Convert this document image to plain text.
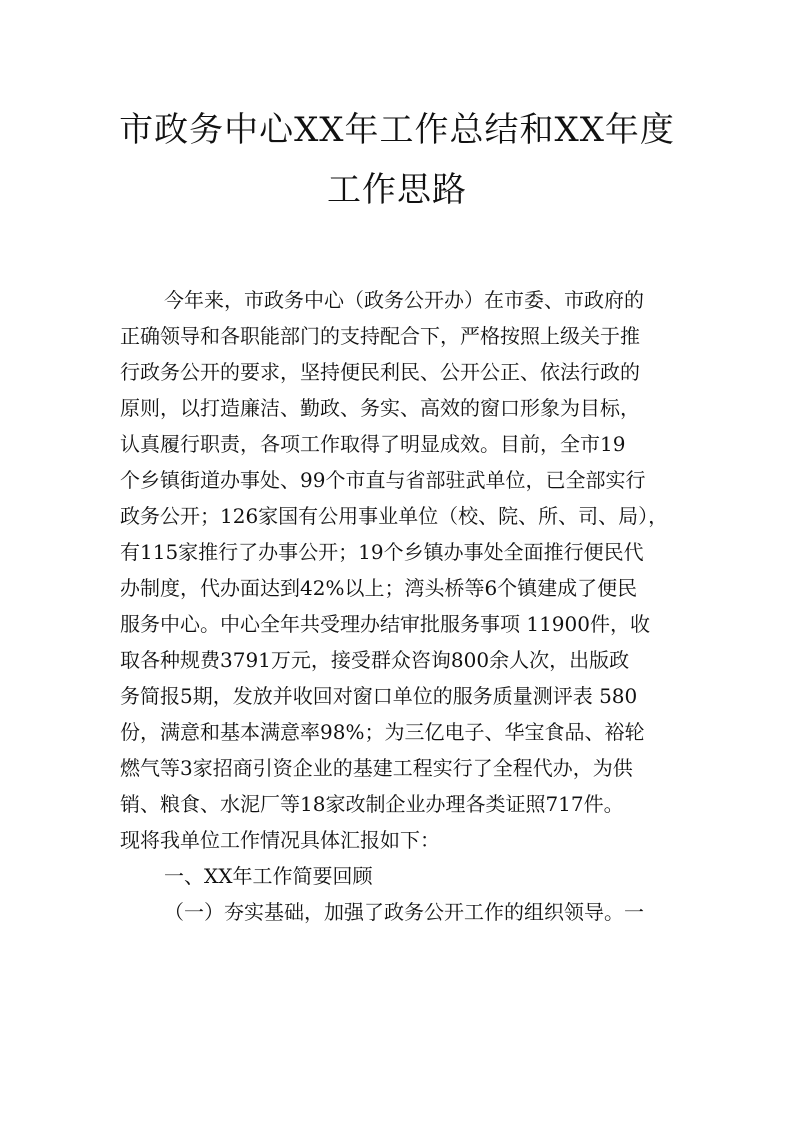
市政务中心XX年工作总结和XX年度
工作思路
今年来，市政务中心（政务公开办）在市委、市政府的
正确领导和各职能部门的支持配合下，严格按照上级关于推
行政务公开的要求，坚持便民利民、公开公正、依法行政的
原则，以打造廉洁、勤政、务实、高效的窗口形象为目标，
认真履行职责，各项工作取得了明显成效。目前，全市19
个乡镇街道办事处、99个市直与省部驻武单位，已全部实行
政务公开；126家国有公用事业单位（校、院、所、司、局），
有115家推行了办事公开；19个乡镇办事处全面推行便民代
办制度，代办面达到42%以上；湾头桥等6个镇建成了便民
服务中心。中心全年共受理办结审批服务事项 11900件，收
取各种规费3791万元，接受群众咨询800余人次，出版政
务简报5期，发放并收回对窗口单位的服务质量测评表 580
份，满意和基本满意率98%；为三亿电子、华宝食品、裕轮
燃气等3家招商引资企业的基建工程实行了全程代办，为供
销、粮食、水泥厂等18家改制企业办理各类证照717件。
现将我单位工作情况具体汇报如下：
一、XX年工作简要回顾
（一）夯实基础，加强了政务公开工作的组织领导。一
